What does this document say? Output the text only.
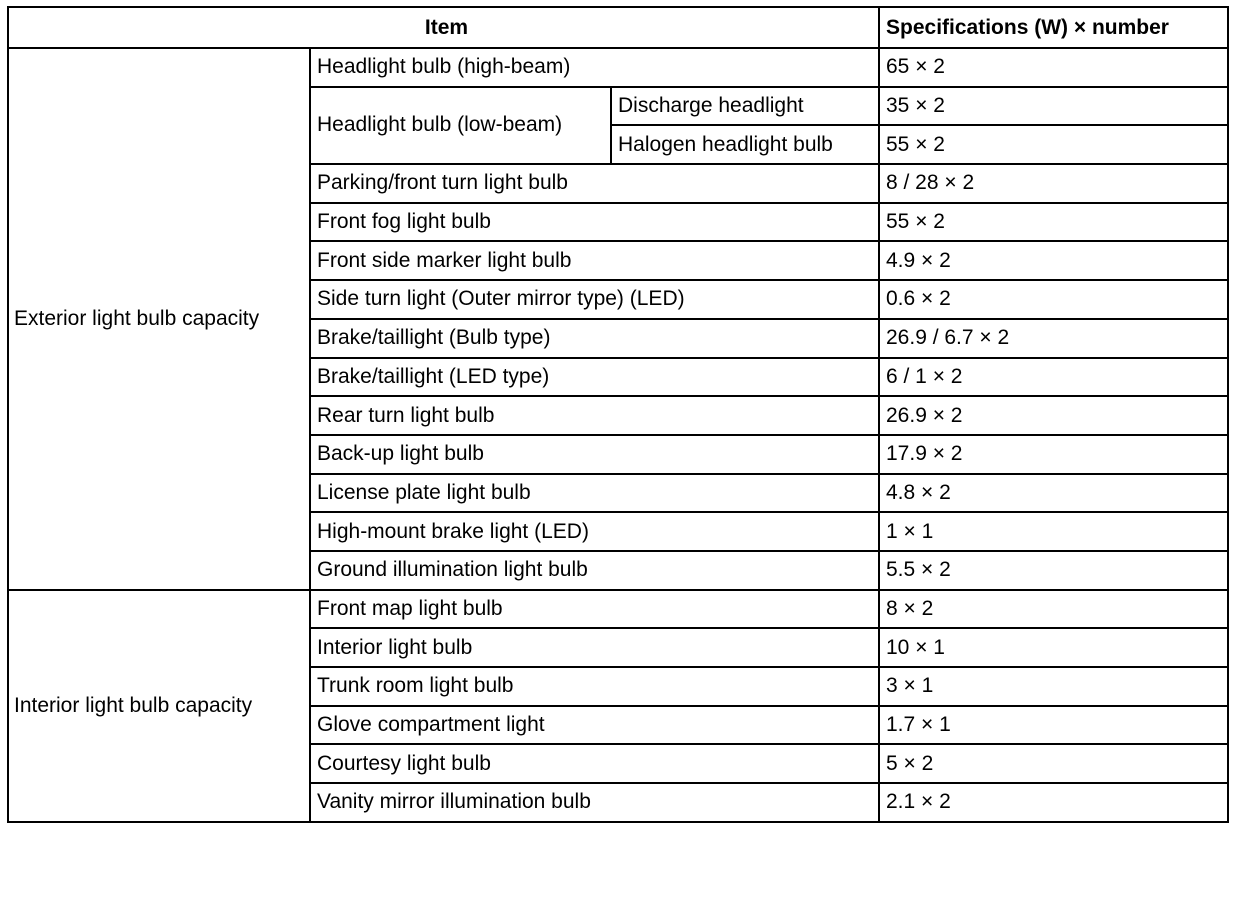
Item			Specifications (W) × number
Exterior light bulb capacity	Headlight bulb (high-beam)		65 × 2
	Headlight bulb (low-beam)	Discharge headlight	35 × 2
		Halogen headlight bulb	55 × 2
	Parking/front turn light bulb		8 / 28 × 2
	Front fog light bulb		55 × 2
	Front side marker light bulb		4.9 × 2
	Side turn light (Outer mirror type) (LED)		0.6 × 2
	Brake/taillight (Bulb type)		26.9 / 6.7 × 2
	Brake/taillight (LED type)		6 / 1 × 2
	Rear turn light bulb		26.9 × 2
	Back-up light bulb		17.9 × 2
	License plate light bulb		4.8 × 2
	High-mount brake light (LED)		1 × 1
	Ground illumination light bulb		5.5 × 2
Interior light bulb capacity	Front map light bulb		8 × 2
	Interior light bulb		10 × 1
	Trunk room light bulb		3 × 1
	Glove compartment light		1.7 × 1
	Courtesy light bulb		5 × 2
	Vanity mirror illumination bulb		2.1 × 2
